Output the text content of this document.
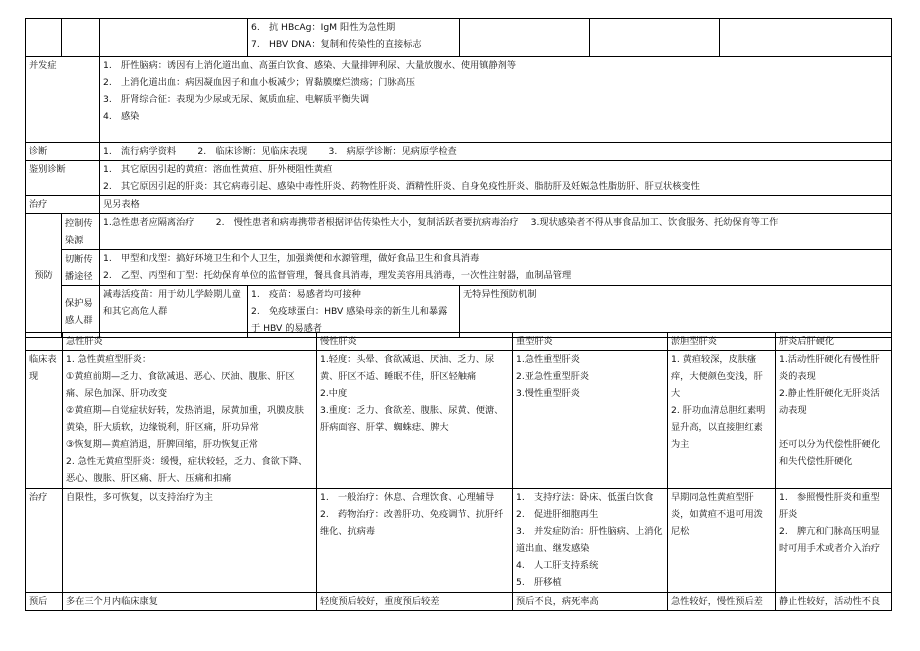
			6.　抗 HBcAg：IgM 阳性为急性期
7.　HBV DNA：复制和传染性的直接标志			

并发症		1.　肝性脑病：诱因有上消化道出血、高蛋白饮食、感染、大量排钾利尿、大量放腹水、使用镇静剂等
2.　上消化道出血：病因凝血因子和血小板减少；胃黏膜糜烂溃疡；门脉高压
3.　肝肾综合征：表现为少尿或无尿、氮质血症、电解质平衡失调
4.　感染				

诊断		1.　流行病学资料　　 2.　临床诊断：见临床表现　　 3.　病原学诊断：见病原学检查				
鉴别诊断		1.　其它原因引起的黄疸：溶血性黄疸、肝外梗阻性黄疸
2.　其它原因引起的肝炎：其它病毒引起、感染中毒性肝炎、药物性肝炎、酒精性肝炎、自身免疫性肝炎、脂肪肝及妊娠急性脂肪肝、肝豆状核变性				

治疗		见另表格				
预防	控制传染源	1.急性患者应隔离治疗　　 2.　慢性患者和病毒携带者根据评估传染性大小，复制活跃者要抗病毒治疗　 3.现状感染者不得从事食品加工、饮食服务、托幼保育等工作				
	切断传播途径	1.　甲型和戊型：搞好环境卫生和个人卫生，加强粪便和水源管理，做好食品卫生和食具消毒
2.　乙型、丙型和丁型：托幼保育单位的监督管理，餐具食具消毒，理发美容用具消毒，一次性注射器，血制品管理				

	保护易感人群	减毒活疫苗：用于幼儿学龄期儿童和其它高危人群	1.　疫苗：易感者均可接种
2.　免疫球蛋白：HBV 感染母亲的新生儿和暴露于 HBV 的易感者	无特异性预防机制		
	急性肝炎	慢性肝炎	重型肝炎	淤胆型肝炎	肝炎后肝硬化
临床表现	1. 急性黄疸型肝炎：
①黄疸前期—乏力、食欲减退、恶心、厌油、腹胀、肝区痛、尿色加深、肝功改变
②黄疸期—自觉症状好转，发热消退，尿黄加重，巩膜皮肤黄染，肝大质软，边缘锐利，肝区痛，肝功异常
③恢复期—黄疸消退，肝脾回缩，肝功恢复正常
2. 急性无黄疸型肝炎：缓慢，症状较轻，乏力、食欲下降、恶心、腹胀、肝区痛、肝大、压痛和扣痛	1.轻度：头晕、食欲减退、厌油、乏力、尿黄、肝区不适、睡眠不佳，肝区轻触痛
2.中度
3.重度：乏力、食欲差、腹胀、尿黄、便溏、肝病面容、肝掌、蜘蛛痣、脾大	1.急性重型肝炎
2.亚急性重型肝炎
3.慢性重型肝炎	1. 黄疸较深，皮肤瘙痒，大便颜色变浅，肝大
2. 肝功血清总胆红素明显升高，以直接胆红素为主	1.活动性肝硬化有慢性肝炎的表现
2.静止性肝硬化无肝炎活动表现
还可以分为代偿性肝硬化和失代偿性肝硬化

治疗	自限性，多可恢复，以支持治疗为主	1.　一般治疗：休息、合理饮食、心理辅导
2.　药物治疗：改善肝功、免疫调节、抗肝纤维化、抗病毒	1.　支持疗法：卧床、低蛋白饮食
2.　促进肝细胞再生
3.　并发症防治：肝性脑病、上消化道出血、继发感染
4.　人工肝支持系统
5.　肝移植	早期同急性黄疸型肝炎，如黄疸不退可用泼尼松	1.　参照慢性肝炎和重型肝炎
2.　脾亢和门脉高压明显时可用手术或者介入治疗

预后	多在三个月内临床康复	轻度预后较好，重度预后较差	预后不良，病死率高	急性较好，慢性预后差	静止性较好，活动性不良
